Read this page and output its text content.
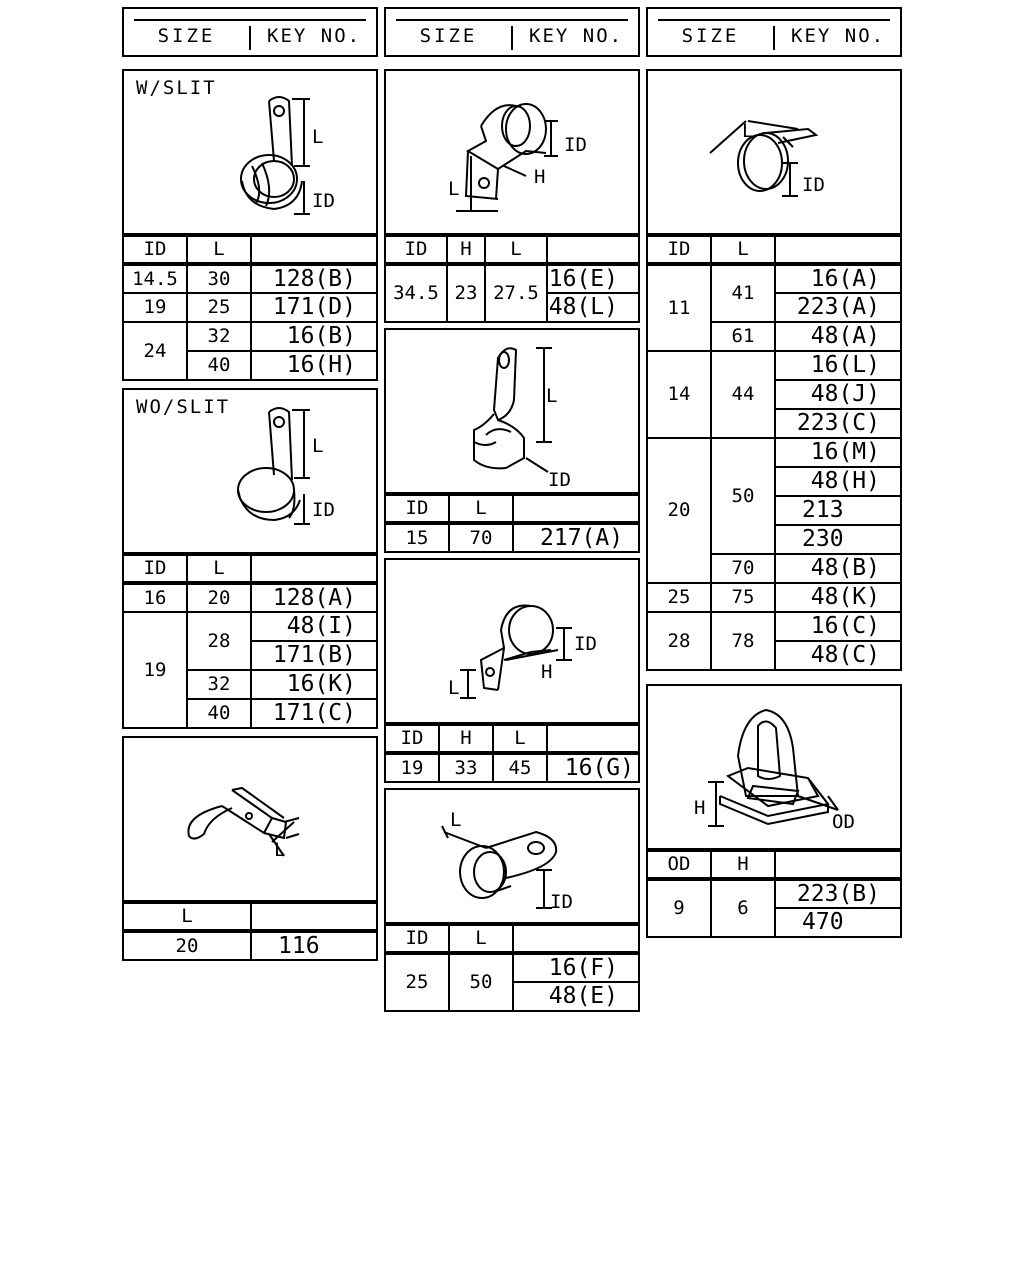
SIZE	KEY NO.	SIZE	KEY NO.	SIZE	KEY NO.
W/SLIT
L
ID
ID	L	
14.5	30	128(B)
19	25	171(D)
24	32	16(B)
	40	16(H)
WO/SLIT
L
ID
ID	L	
16	20	128(A)
19	28	48(I)
		171(B)
	32	16(K)
	40	171(C)
L
L	
20	116
ID
H
L
ID	H	L	
34.5	23	27.5	16(E)
			48(L)
L
ID
ID	L	
15	70	217(A)
ID
H
L
ID	H	L	
19	33	45	16(G)
L
ID
ID	L	
25	50	16(F)
		48(E)
L
ID
ID	L	
11	41	16(A)
		223(A)
	61	48(A)
14	44	16(L)
		48(J)
		223(C)
20	50	16(M)
		48(H)
		213
		230
	70	48(B)
25	75	48(K)
28	78	16(C)
		48(C)
H
OD
OD	H	
9	6	223(B)
		470
